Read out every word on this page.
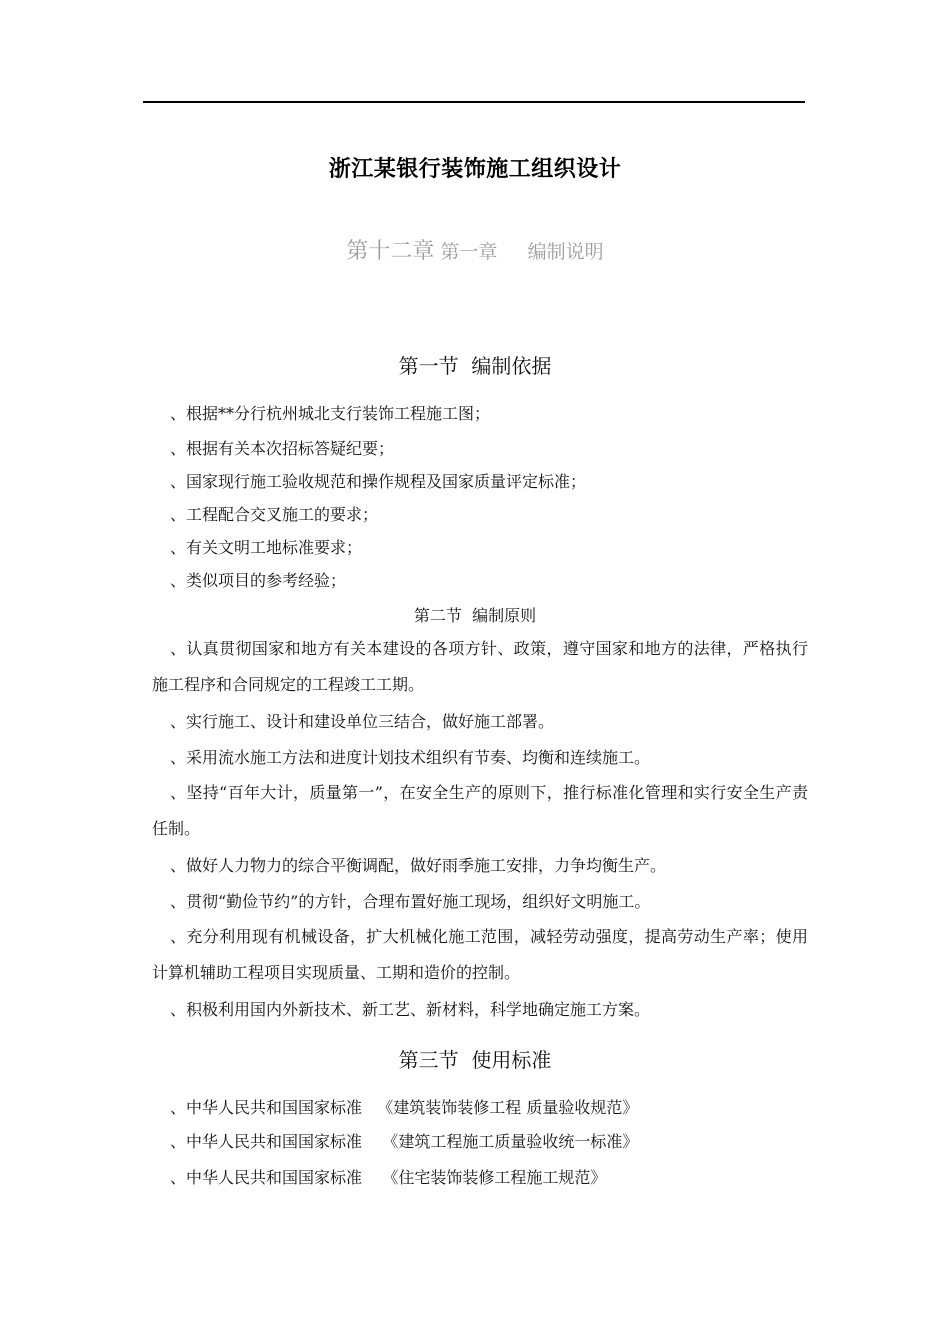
浙江某银行装饰施工组织设计
第十二章 第一章     编制说明
第一节  编制依据
、根据**分行杭州城北支行装饰工程施工图；
、根据有关本次招标答疑纪要；
、国家现行施工验收规范和操作规程及国家质量评定标准；
、工程配合交叉施工的要求；
、有关文明工地标准要求；
、类似项目的参考经验；
第二节  编制原则
、认真贯彻国家和地方有关本建设的各项方针、政策，遵守国家和地方的法律，严格执行施工程序和合同规定的工程竣工工期。
、实行施工、设计和建设单位三结合，做好施工部署。
、采用流水施工方法和进度计划技术组织有节奏、均衡和连续施工。
、坚持“百年大计，质量第一”，在安全生产的原则下，推行标准化管理和实行安全生产责任制。
、做好人力物力的综合平衡调配，做好雨季施工安排，力争均衡生产。
、贯彻“勤俭节约”的方针，合理布置好施工现场，组织好文明施工。
、充分利用现有机械设备，扩大机械化施工范围，减轻劳动强度，提高劳动生产率；使用计算机辅助工程项目实现质量、工期和造价的控制。
、积极利用国内外新技术、新工艺、新材料，科学地确定施工方案。
第三节  使用标准
、中华人民共和国国家标准   《建筑装饰装修工程 质量验收规范》
、中华人民共和国国家标准    《建筑工程施工质量验收统一标准》
、中华人民共和国国家标准    《住宅装饰装修工程施工规范》
